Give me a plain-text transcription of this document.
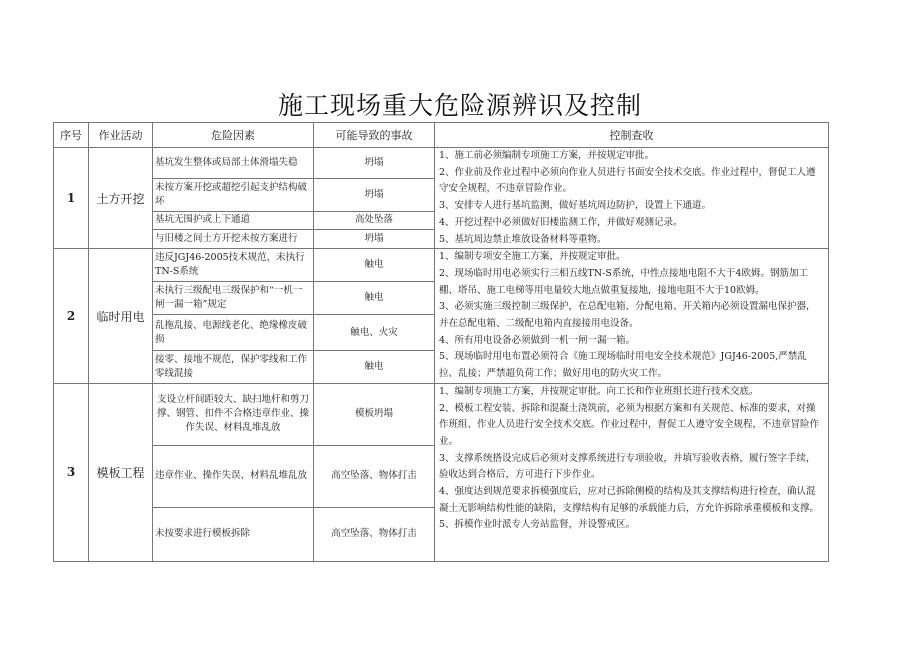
施工现场重大危险源辨识及控制
序号	作业活动	危险因素	可能导致的事故	控制查收
1	土方开挖	基坑发生整体或局部土体滑塌失稳	坍塌	1、施工前必须编制专项施工方案，并按规定审批。
2、作业前及作业过程中必须向作业人员进行书面安全技术交底。作业过程中，督促工人遵守安全规程，不违章冒险作业。
3、安排专人进行基坑监测，做好基坑周边防护，设置上下通道。
4、开挖过程中必须做好旧楼监测工作，并做好观测记录。
5、基坑周边禁止堆放设备材料等重物。

		未按方案开挖或超挖引起支护结构破坏	坍塌	
		基坑无围护或上下通道	高处坠落	
		与旧楼之间土方开挖未按方案进行	坍塌	
2	临时用电	违反JGJ46-2005技术规范，未执行TN-S系统	触电	1、编制专项安全施工方案，并按规定审批。
2、现场临时用电必须实行三相五线TN-S系统，中性点接地电阻不大于4欧姆。钢筋加工棚、塔吊、施工电梯等用电量较大地点做重复接地，接地电阻不大于10欧姆。
3、必须实施三级控制三级保护，在总配电箱、分配电箱、开关箱内必须设置漏电保护器，并在总配电箱、二级配电箱内直接接用电设备。
4、所有用电设备必须做到一机一闸一漏一箱。
5、现场临时用电布置必须符合《施工现场临时用电安全技术规范》JGJ46-2005,严禁乱拉、乱接；严禁超负荷工作；做好用电的防火灾工作。

		未执行三级配电三级保护和“一机一闸一漏一箱”规定	触电	
		乱拖乱接、电源线老化、绝缘橡皮破损	触电、火灾	
		接零、接地不规范，保护零线和工作零线混接	触电	
3	模板工程	支设立杆间距较大、缺扫地杆和剪刀撑、钢管、扣件不合格违章作业、操作失误、材料乱堆乱放	模板坍塌	1、编制专项施工方案，并按规定审批。向工长和作业班组长进行技术交底。
2、模板工程安装、拆除和混凝土浇筑前，必须为根据方案和有关规范、标准的要求，对操作班组、作业人员进行安全技术交底。作业过程中，督促工人遵守安全规程，不违章冒险作业。
3、支撑系统搭设完成后必须对支撑系统进行专项验收，并填写验收表格，履行签字手续，验收达到合格后，方可进行下步作业。
4、强度达到规范要求拆模强度后，应对已拆除侧模的结构及其支撑结构进行检查，确认混凝土无影响结构性能的缺陷，支撑结构有足够的承载能力后，方允许拆除承重模板和支撑。
5、拆模作业时派专人旁站监督，并设警戒区。

		违章作业、操作失误、材料乱堆乱放	高空坠落、物体打击	
		未按要求进行模板拆除	高空坠落、物体打击	
